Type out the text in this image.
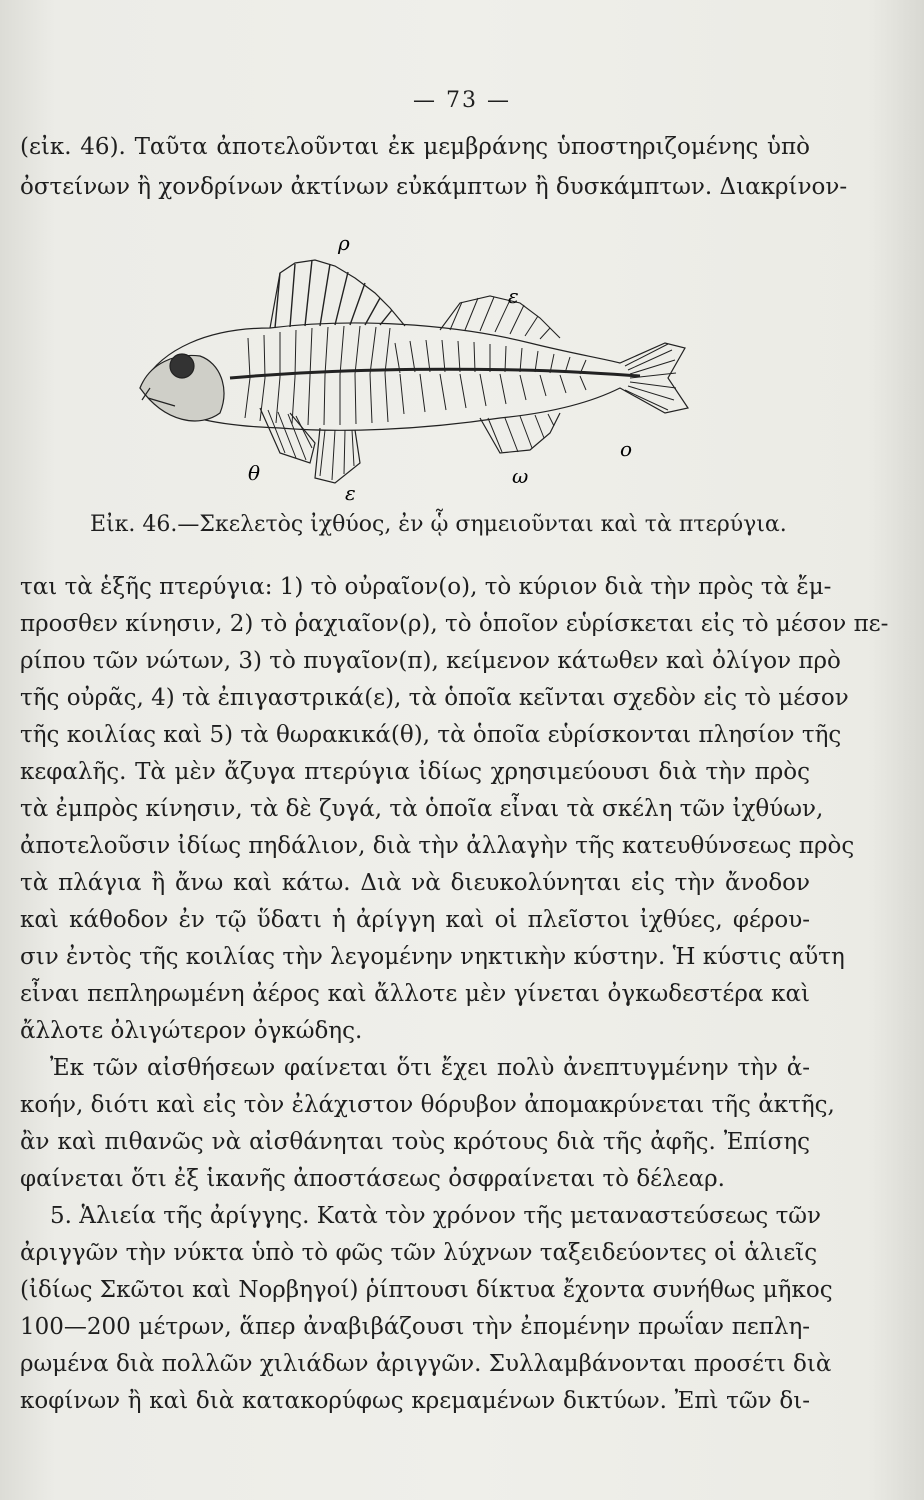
— 73 —
(εἰκ. 46). Ταῦτα ἀποτελοῦνται ἐκ μεμβράνης ὑποστηριζομένης ὑπὸ
ὀστείνων ἢ χονδρίνων ἀκτίνων εὐκάμπτων ἢ δυσκάμπτων. Διακρίνον-
ρ
ε
ο
θ
ε
ω
Εἰκ. 46.—Σκελετὸς ἰχθύος, ἐν ᾧ σημειοῦνται καὶ τὰ πτερύγια.
ται τὰ ἑξῆς πτερύγια: 1) τὸ οὐραῖον(ο), τὸ κύριον διὰ τὴν πρὸς τὰ ἔμ-
προσθεν κίνησιν, 2) τὸ ῥαχιαῖον(ρ), τὸ ὁποῖον εὑρίσκεται εἰς τὸ μέσον πε-
ρίπου τῶν νώτων, 3) τὸ πυγαῖον(π), κείμενον κάτωθεν καὶ ὀλίγον πρὸ
τῆς οὐρᾶς, 4) τὰ ἐπιγαστρικά(ε), τὰ ὁποῖα κεῖνται σχεδὸν εἰς τὸ μέσον
τῆς κοιλίας καὶ 5) τὰ θωρακικά(θ), τὰ ὁποῖα εὑρίσκονται πλησίον τῆς
κεφαλῆς. Τὰ μὲν ἄζυγα πτερύγια ἰδίως χρησιμεύουσι διὰ τὴν πρὸς
τὰ ἐμπρὸς κίνησιν, τὰ δὲ ζυγά, τὰ ὁποῖα εἶναι τὰ σκέλη τῶν ἰχθύων,
ἀποτελοῦσιν ἰδίως πηδάλιον, διὰ τὴν ἀλλαγὴν τῆς κατευθύνσεως πρὸς
τὰ πλάγια ἢ ἄνω καὶ κάτω. Διὰ νὰ διευκολύνηται εἰς τὴν ἄνοδον
καὶ κάθοδον ἐν τῷ ὕδατι ἡ ἀρίγγη καὶ οἱ πλεῖστοι ἰχθύες, φέρου-
σιν ἐντὸς τῆς κοιλίας τὴν λεγομένην νηκτικὴν κύστην. Ἡ κύστις αὕτη
εἶναι πεπληρωμένη ἀέρος καὶ ἄλλοτε μὲν γίνεται ὀγκωδεστέρα καὶ
ἄλλοτε ὀλιγώτερον ὀγκώδης.
Ἐκ τῶν αἰσθήσεων φαίνεται ὅτι ἔχει πολὺ ἀνεπτυγμένην τὴν ἀ-
κοήν, διότι καὶ εἰς τὸν ἐλάχιστον θόρυβον ἀπομακρύνεται τῆς ἀκτῆς,
ἂν καὶ πιθανῶς νὰ αἰσθάνηται τοὺς κρότους διὰ τῆς ἀφῆς. Ἐπίσης
φαίνεται ὅτι ἐξ ἱκανῆς ἀποστάσεως ὀσφραίνεται τὸ δέλεαρ.
5. Ἁλιεία τῆς ἀρίγγης. Κατὰ τὸν χρόνον τῆς μεταναστεύσεως τῶν
ἀριγγῶν τὴν νύκτα ὑπὸ τὸ φῶς τῶν λύχνων ταξειδεύοντες οἱ ἁλιεῖς
(ἰδίως Σκῶτοι καὶ Νορβηγοί) ῥίπτουσι δίκτυα ἔχοντα συνήθως μῆκος
100—200 μέτρων, ἅπερ ἀναβιβάζουσι τὴν ἐπομένην πρωΐαν πεπλη-
ρωμένα διὰ πολλῶν χιλιάδων ἀριγγῶν. Συλλαμβάνονται προσέτι διὰ
κοφίνων ἢ καὶ διὰ κατακορύφως κρεμαμένων δικτύων. Ἐπὶ τῶν δι-
